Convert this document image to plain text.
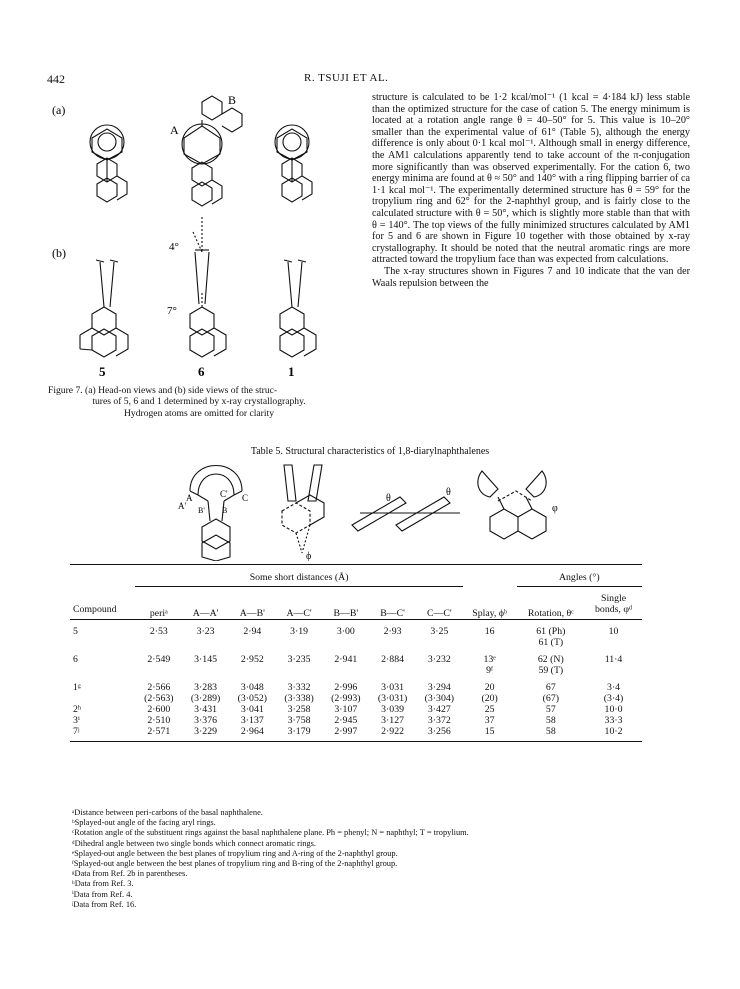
442	R. TSUJI ET AL.
(a)
(b)
A
B
4°
7°
5	6	1
Figure 7. (a) Head-on views and (b) side views of the struc-
tures of 5, 6 and 1 determined by x-ray crystallography.
Hydrogen atoms are omitted for clarity

structure is calculated to be 1·2 kcal/mol⁻¹ (1 kcal = 4·184 kJ) less stable than the optimized structure for the case of cation 5. The energy minimum is located at a rotation angle range θ = 40–50° for 5. This value is 10–20° smaller than the experimental value of 61° (Table 5), although the energy difference is only about 0·1 kcal mol⁻¹. Although small in energy difference, the AM1 calculations apparently tend to take account of the π-conjugation more significantly than was observed experimentally. For the cation 6, two energy minima are found at θ ≈ 50° and 140° with a ring flipping barrier of ca 1·1 kcal mol⁻¹. The experimentally determined structure has θ = 59° for the tropylium ring and 62° for the 2-naphthyl group, and is fairly close to the calculated structure with θ = 50°, which is slightly more stable than that with θ = 140°. The top views of the fully minimized structures calculated by AM1 for 5 and 6 are shown in Figure 10 together with those obtained by x-ray crystallography. It should be noted that the neutral aromatic rings are more attracted toward the tropylium face than was expected from calculations.

The x-ray structures shown in Figures 7 and 10 indicate that the van der Waals repulsion between the

Table 5. Structural characteristics of 1,8-diarylnaphthalenes
A
A'
C
C'
B' B
ϕ
θ
θ
φ
	Some short distances (Å)								Angles (°)	
Compound	periᵃ	A—A'	A—B'	A—C'	B—B'	B—C'	C—C'	Splay, ϕᵇ	Rotation, θᶜ	Single
										bonds, φᵈ
5	2·53	3·23	2·94	3·19	3·00	2·93	3·25	16	61 (Ph)	10
									61 (T)	
6	2·549	3·145	2·952	3·235	2·941	2·884	3·232	13ᵉ	62 (N)	11·4
								9ᶠ	59 (T)	
1ᵍ	2·566	3·283	3·048	3·332	2·996	3·031	3·294	20	67	3·4
	(2·563)	(3·289)	(3·052)	(3·338)	(2·993)	(3·031)	(3·304)	(20)	(67)	(3·4)
2ʰ	2·600	3·431	3·041	3·258	3·107	3·039	3·427	25	57	10·0
3ⁱ	2·510	3·376	3·137	3·758	2·945	3·127	3·372	37	58	33·3
7ʲ	2·571	3·229	2·964	3·179	2·997	2·922	3·256	15	58	10·2
ᵃDistance between peri-carbons of the basal naphthalene.
ᵇSplayed-out angle of the facing aryl rings.
ᶜRotation angle of the substituent rings against the basal naphthalene plane. Ph = phenyl; N = naphthyl; T = tropylium.
ᵈDihedral angle between two single bonds which connect aromatic rings.
ᵉSplayed-out angle between the best planes of tropylium ring and A-ring of the 2-naphthyl group.
ᶠSplayed-out angle between the best planes of tropylium ring and B-ring of the 2-naphthyl group.
ᵍData from Ref. 2b in parentheses.
ʰData from Ref. 3.
ⁱData from Ref. 4.
ʲData from Ref. 16.
